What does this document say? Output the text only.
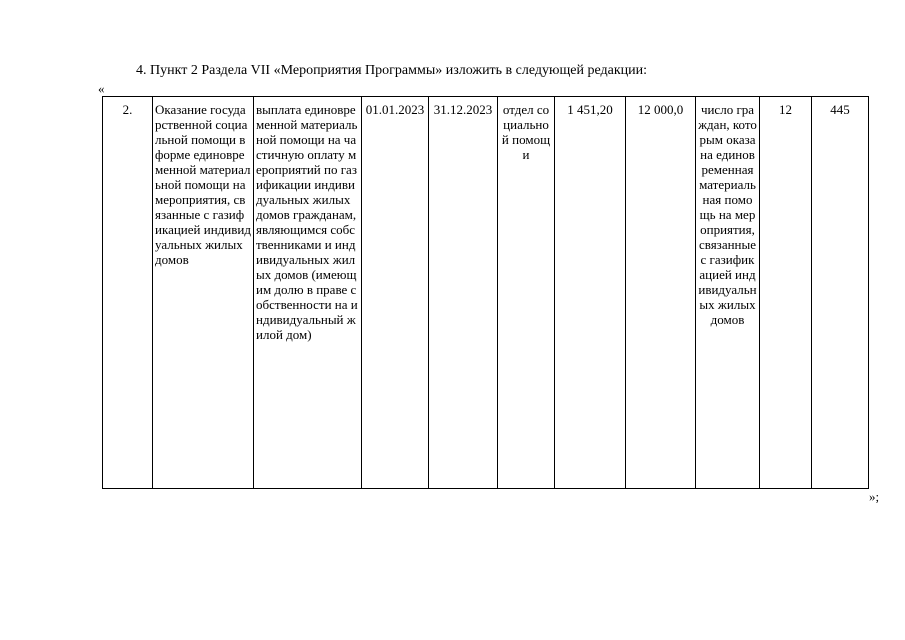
4. Пункт 2 Раздела VII «Мероприятия Программы» изложить в следующей редакции:
«
2.	Оказание государственной социальной помощи в форме единовременной материальной помощи на мероприятия, связанные с газификацией индивидуальных жилых домов	выплата единовременной материальной помощи на частичную оплату мероприятий по газификации индивидуальных жилых домов гражданам, являющимся собственниками и индивидуальных жилых домов (имеющим долю в праве собственности на индивидуальный жилой дом)	01.01.2023	31.12.2023	отдел социальной помощи	1 451,20	12 000,0	число граждан, которым оказана единовременная материальная помощь на мероприятия, связанные с газификацией индивидуальных жилых домов	12	445
»;
